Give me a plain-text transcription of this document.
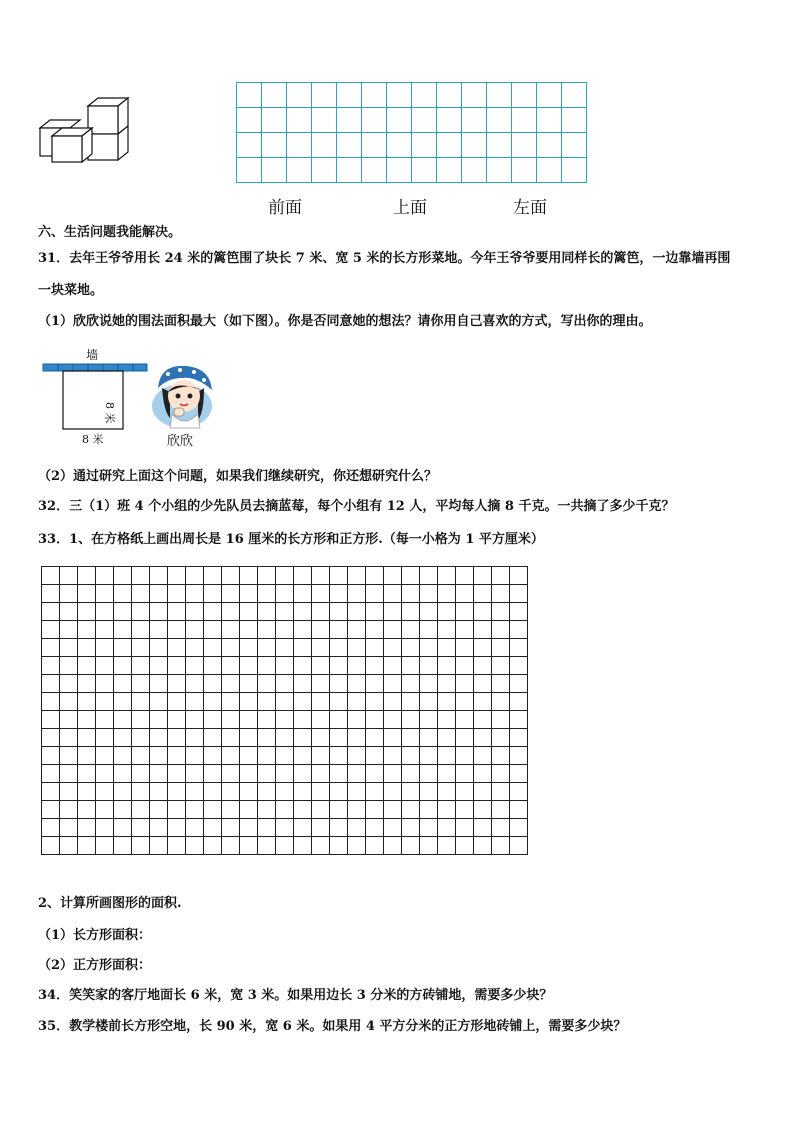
前面	上面	左面
六、生活问题我能解决。
31．去年王爷爷用长 24 米的篱笆围了块长 7 米、宽 5 米的长方形菜地。今年王爷爷要用同样长的篱笆，一边靠墙再围
一块菜地。
（1）欣欣说她的围法面积最大（如下图）。你是否同意她的想法？请你用自己喜欢的方式，写出你的理由。
墙
8 米
8 米	欣欣
（2）通过研究上面这个问题，如果我们继续研究，你还想研究什么？
32．三（1）班 4 个小组的少先队员去摘蓝莓，每个小组有 12 人，平均每人摘 8 千克。一共摘了多少千克？
33．1、在方格纸上画出周长是 16 厘米的长方形和正方形.（每一小格为 1 平方厘米）

2、计算所画图形的面积.
（1）长方形面积：
（2）正方形面积：
34．笑笑家的客厅地面长 6 米，宽 3 米。如果用边长 3 分米的方砖铺地，需要多少块？
35．教学楼前长方形空地，长 90 米，宽 6 米。如果用 4 平方分米的正方形地砖铺上，需要多少块？
